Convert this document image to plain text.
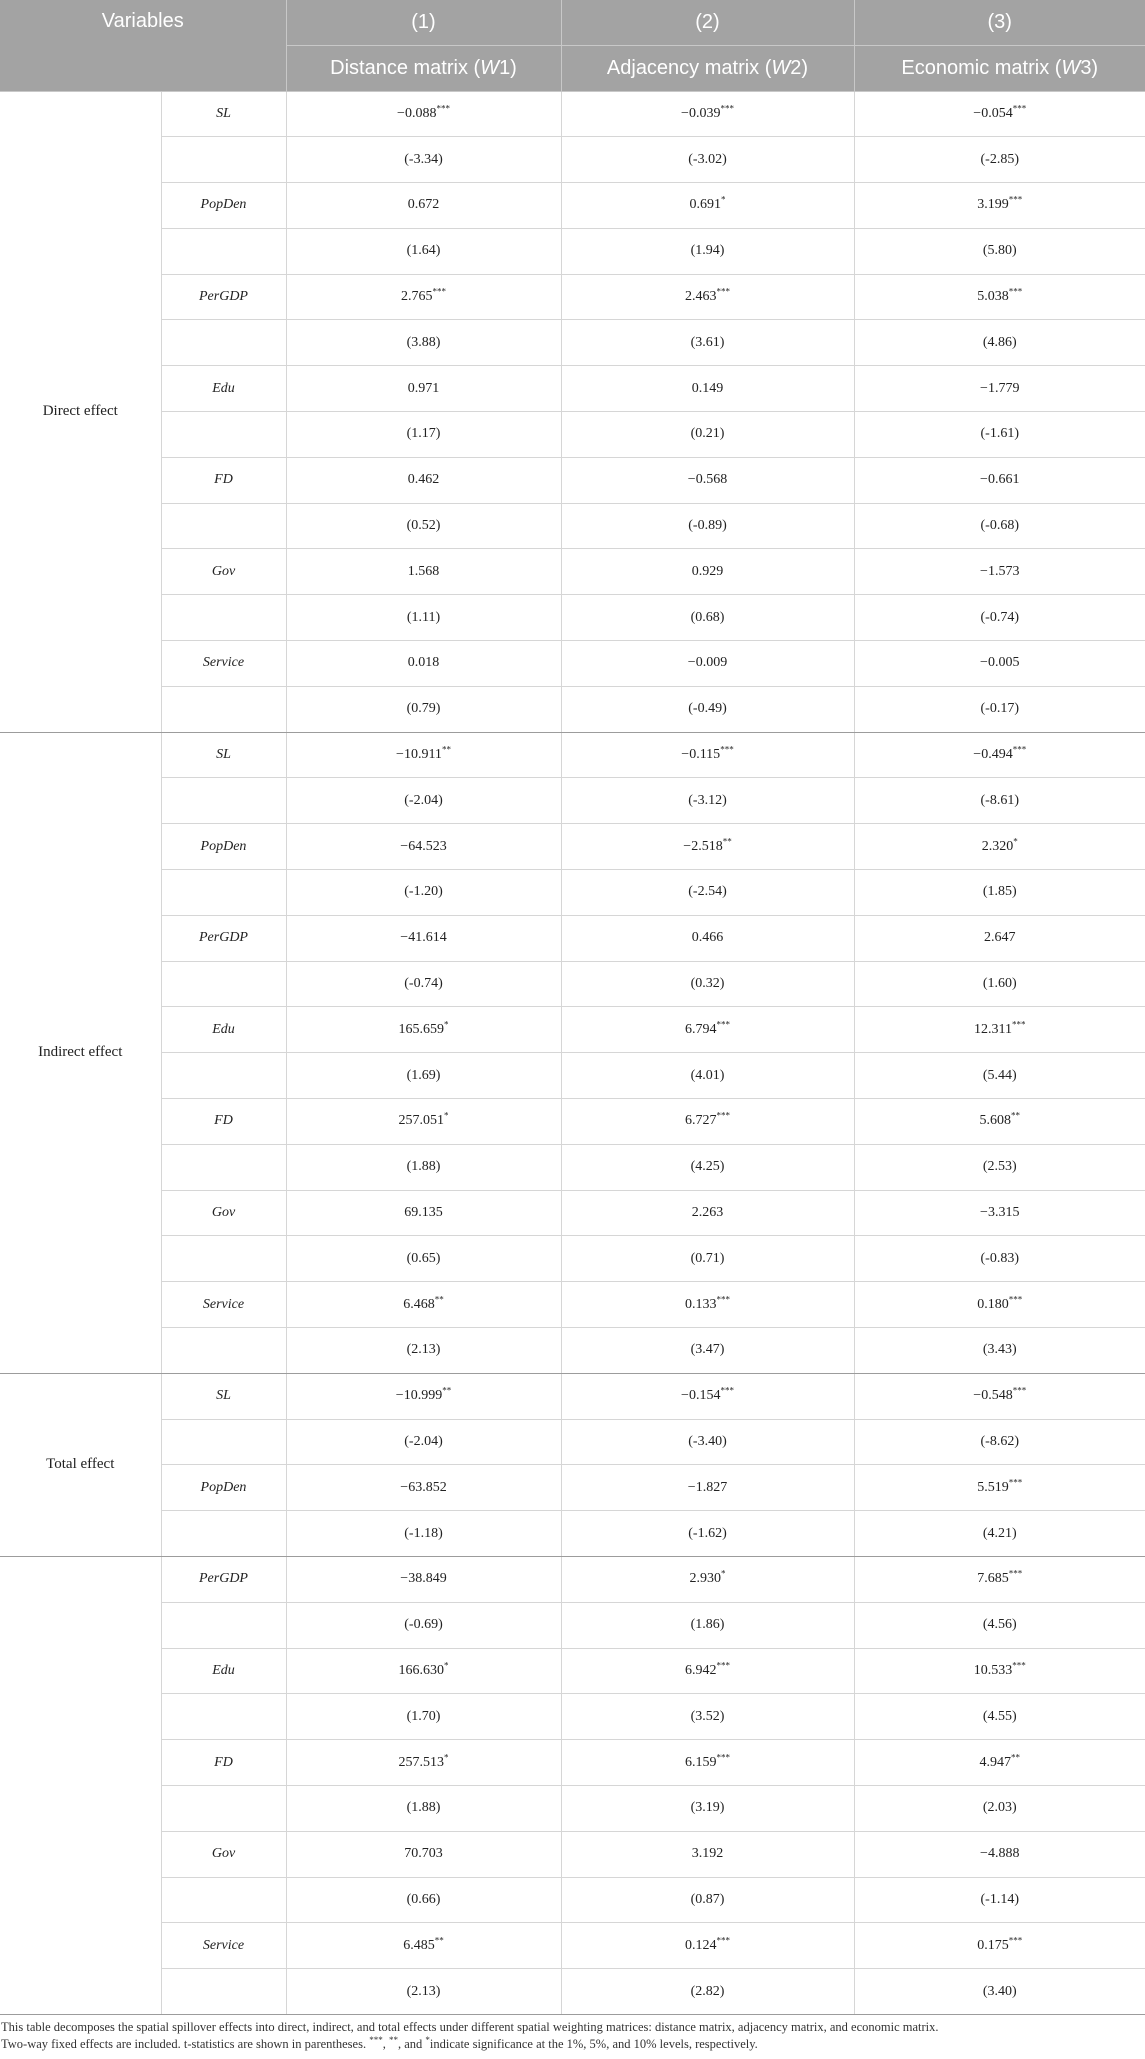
Variables		(1)	(2)	(3)
		Distance matrix (W1)	Adjacency matrix (W2)	Economic matrix (W3)
Direct effect	SL	−0.088***	−0.039***	−0.054***
		(-3.34)	(-3.02)	(-2.85)
	PopDen	0.672	0.691*	3.199***
		(1.64)	(1.94)	(5.80)
	PerGDP	2.765***	2.463***	5.038***
		(3.88)	(3.61)	(4.86)
	Edu	0.971	0.149	−1.779
		(1.17)	(0.21)	(-1.61)
	FD	0.462	−0.568	−0.661
		(0.52)	(-0.89)	(-0.68)
	Gov	1.568	0.929	−1.573
		(1.11)	(0.68)	(-0.74)
	Service	0.018	−0.009	−0.005
		(0.79)	(-0.49)	(-0.17)
Indirect effect	SL	−10.911**	−0.115***	−0.494***
		(-2.04)	(-3.12)	(-8.61)
	PopDen	−64.523	−2.518**	2.320*
		(-1.20)	(-2.54)	(1.85)
	PerGDP	−41.614	0.466	2.647
		(-0.74)	(0.32)	(1.60)
	Edu	165.659*	6.794***	12.311***
		(1.69)	(4.01)	(5.44)
	FD	257.051*	6.727***	5.608**
		(1.88)	(4.25)	(2.53)
	Gov	69.135	2.263	−3.315
		(0.65)	(0.71)	(-0.83)
	Service	6.468**	0.133***	0.180***
		(2.13)	(3.47)	(3.43)
Total effect	SL	−10.999**	−0.154***	−0.548***
		(-2.04)	(-3.40)	(-8.62)
	PopDen	−63.852	−1.827	5.519***
		(-1.18)	(-1.62)	(4.21)
	PerGDP	−38.849	2.930*	7.685***
		(-0.69)	(1.86)	(4.56)
	Edu	166.630*	6.942***	10.533***
		(1.70)	(3.52)	(4.55)
	FD	257.513*	6.159***	4.947**
		(1.88)	(3.19)	(2.03)
	Gov	70.703	3.192	−4.888
		(0.66)	(0.87)	(-1.14)
	Service	6.485**	0.124***	0.175***
		(2.13)	(2.82)	(3.40)
This table decomposes the spatial spillover effects into direct, indirect, and total effects under different spatial weighting matrices: distance matrix, adjacency matrix, and economic matrix.
Two-way fixed effects are included. t-statistics are shown in parentheses. ***, **, and *indicate significance at the 1%, 5%, and 10% levels, respectively.
